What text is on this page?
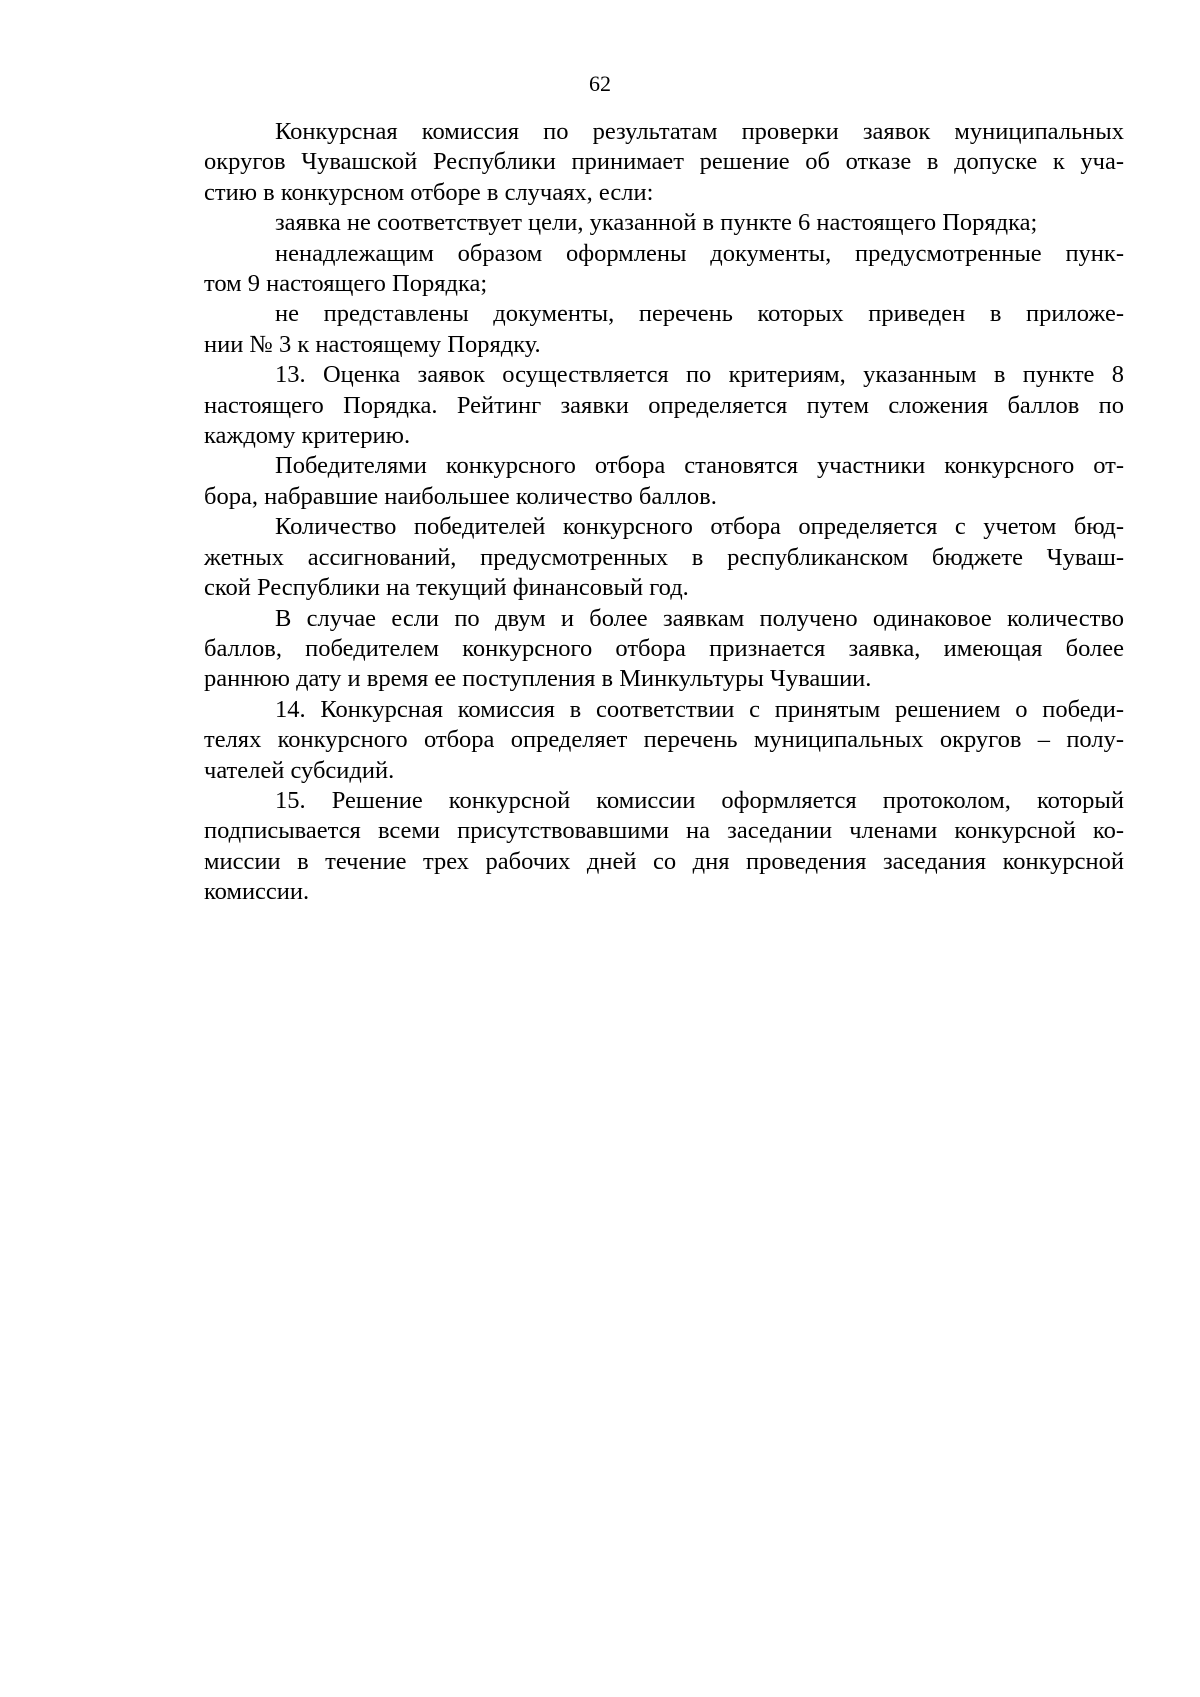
62
Конкурсная комиссия по результатам проверки заявок муниципальных
округов Чувашской Республики принимает решение об отказе в допуске к уча-
стию в конкурсном отборе в случаях, если:
заявка не соответствует цели, указанной в пункте 6 настоящего Порядка;
ненадлежащим образом оформлены документы, предусмотренные пунк-
том 9 настоящего Порядка;
не представлены документы, перечень которых приведен в приложе-
нии № 3 к настоящему Порядку.
13. Оценка заявок осуществляется по критериям, указанным в пункте 8
настоящего Порядка. Рейтинг заявки определяется путем сложения баллов по
каждому критерию.
Победителями конкурсного отбора становятся участники конкурсного от-
бора, набравшие наибольшее количество баллов.
Количество победителей конкурсного отбора определяется с учетом бюд-
жетных ассигнований, предусмотренных в республиканском бюджете Чуваш-
ской Республики на текущий финансовый год.
В случае если по двум и более заявкам получено одинаковое количество
баллов, победителем конкурсного отбора признается заявка, имеющая более
раннюю дату и время ее поступления в Минкультуры Чувашии.
14. Конкурсная комиссия в соответствии с принятым решением о победи-
телях конкурсного отбора определяет перечень муниципальных округов – полу-
чателей субсидий.
15. Решение конкурсной комиссии оформляется протоколом, который
подписывается всеми присутствовавшими на заседании членами конкурсной ко-
миссии в течение трех рабочих дней со дня проведения заседания конкурсной
комиссии.
